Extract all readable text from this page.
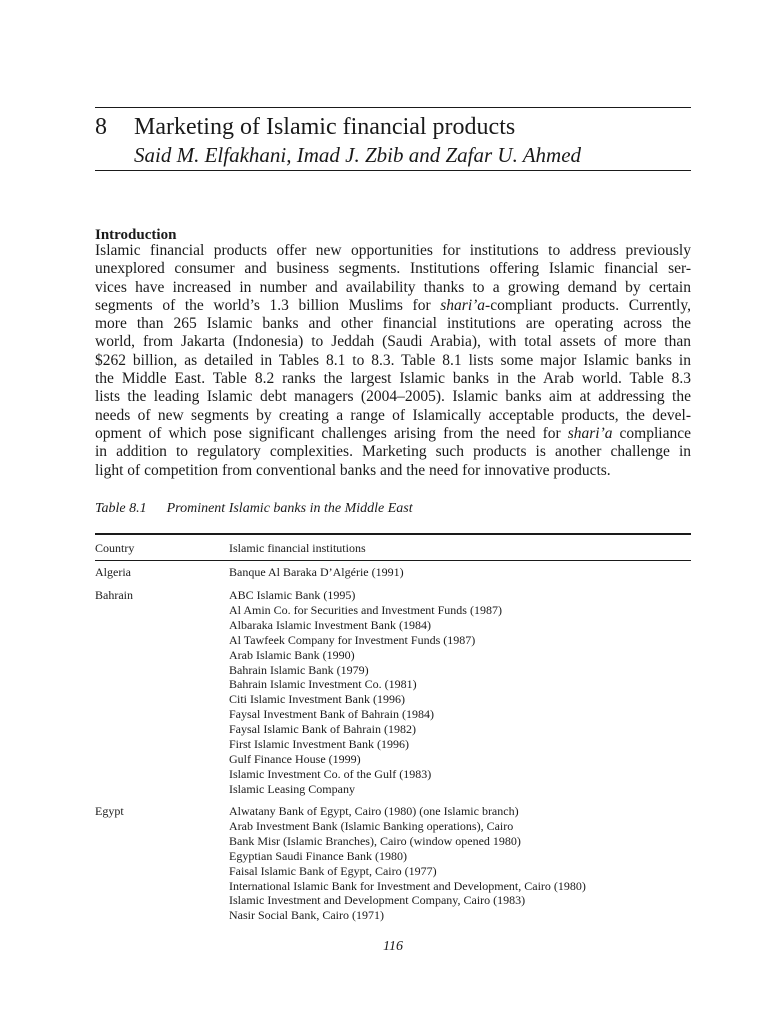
8 Marketing of Islamic financial products
Said M. Elfakhani, Imad J. Zbib and Zafar U. Ahmed
Introduction

Islamic financial products offer new opportunities for institutions to address previously
unexplored consumer and business segments. Institutions offering Islamic financial ser-
vices have increased in number and availability thanks to a growing demand by certain
segments of the world’s 1.3 billion Muslims for shari’a-compliant products. Currently,
more than 265 Islamic banks and other financial institutions are operating across the
world, from Jakarta (Indonesia) to Jeddah (Saudi Arabia), with total assets of more than
$262 billion, as detailed in Tables 8.1 to 8.3. Table 8.1 lists some major Islamic banks in
the Middle East. Table 8.2 ranks the largest Islamic banks in the Arab world. Table 8.3
lists the leading Islamic debt managers (2004–2005). Islamic banks aim at addressing the
needs of new segments by creating a range of Islamically acceptable products, the devel-
opment of which pose significant challenges arising from the need for shari’a compliance
in addition to regulatory complexities. Marketing such products is another challenge in
light of competition from conventional banks and the need for innovative products.

Table 8.1 Prominent Islamic banks in the Middle East
Country	Islamic financial institutions
Algeria	Banque Al Baraka D’Algérie (1991)
Bahrain	ABC Islamic Bank (1995)
Al Amin Co. for Securities and Investment Funds (1987)
Albaraka Islamic Investment Bank (1984)
Al Tawfeek Company for Investment Funds (1987)
Arab Islamic Bank (1990)
Bahrain Islamic Bank (1979)
Bahrain Islamic Investment Co. (1981)
Citi Islamic Investment Bank (1996)
Faysal Investment Bank of Bahrain (1984)
Faysal Islamic Bank of Bahrain (1982)
First Islamic Investment Bank (1996)
Gulf Finance House (1999)
Islamic Investment Co. of the Gulf (1983)
Islamic Leasing Company
Egypt	Alwatany Bank of Egypt, Cairo (1980) (one Islamic branch)
Arab Investment Bank (Islamic Banking operations), Cairo
Bank Misr (Islamic Branches), Cairo (window opened 1980)
Egyptian Saudi Finance Bank (1980)
Faisal Islamic Bank of Egypt, Cairo (1977)
International Islamic Bank for Investment and Development, Cairo (1980)
Islamic Investment and Development Company, Cairo (1983)
Nasir Social Bank, Cairo (1971)
116
